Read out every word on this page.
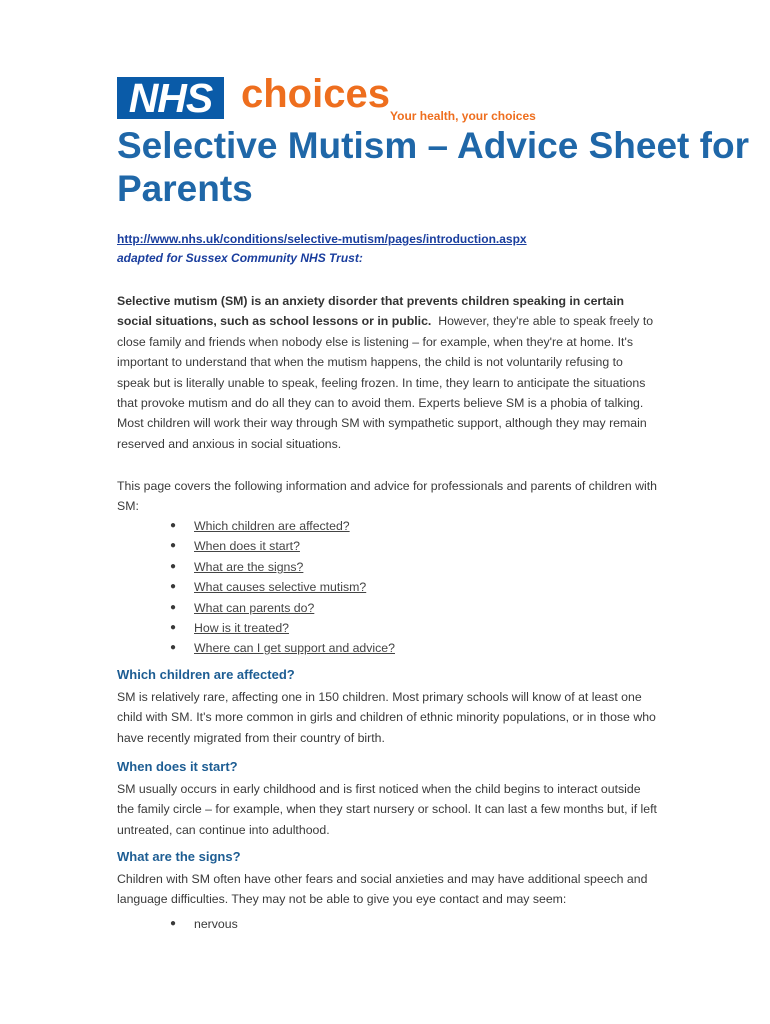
NHS choices Your health, your choices
Selective Mutism – Advice Sheet for Parents
http://www.nhs.uk/conditions/selective-mutism/pages/introduction.aspx
adapted for Sussex Community NHS Trust:

Selective mutism (SM) is an anxiety disorder that prevents children speaking in certain social situations, such as school lessons or in public. However, they're able to speak freely to close family and friends when nobody else is listening – for example, when they're at home. It's important to understand that when the mutism happens, the child is not voluntarily refusing to speak but is literally unable to speak, feeling frozen. In time, they learn to anticipate the situations that provoke mutism and do all they can to avoid them. Experts believe SM is a phobia of talking. Most children will work their way through SM with sympathetic support, although they may remain reserved and anxious in social situations.

This page covers the following information and advice for professionals and parents of children with SM:

● Which children are affected?
● When does it start?
● What are the signs?
● What causes selective mutism?
● What can parents do?
● How is it treated?
● Where can I get support and advice?
Which children are affected?

SM is relatively rare, affecting one in 150 children. Most primary schools will know of at least one child with SM. It's more common in girls and children of ethnic minority populations, or in those who have recently migrated from their country of birth.

When does it start?

SM usually occurs in early childhood and is first noticed when the child begins to interact outside the family circle – for example, when they start nursery or school. It can last a few months but, if left untreated, can continue into adulthood.

What are the signs?

Children with SM often have other fears and social anxieties and may have additional speech and language difficulties. They may not be able to give you eye contact and may seem:

● nervous
